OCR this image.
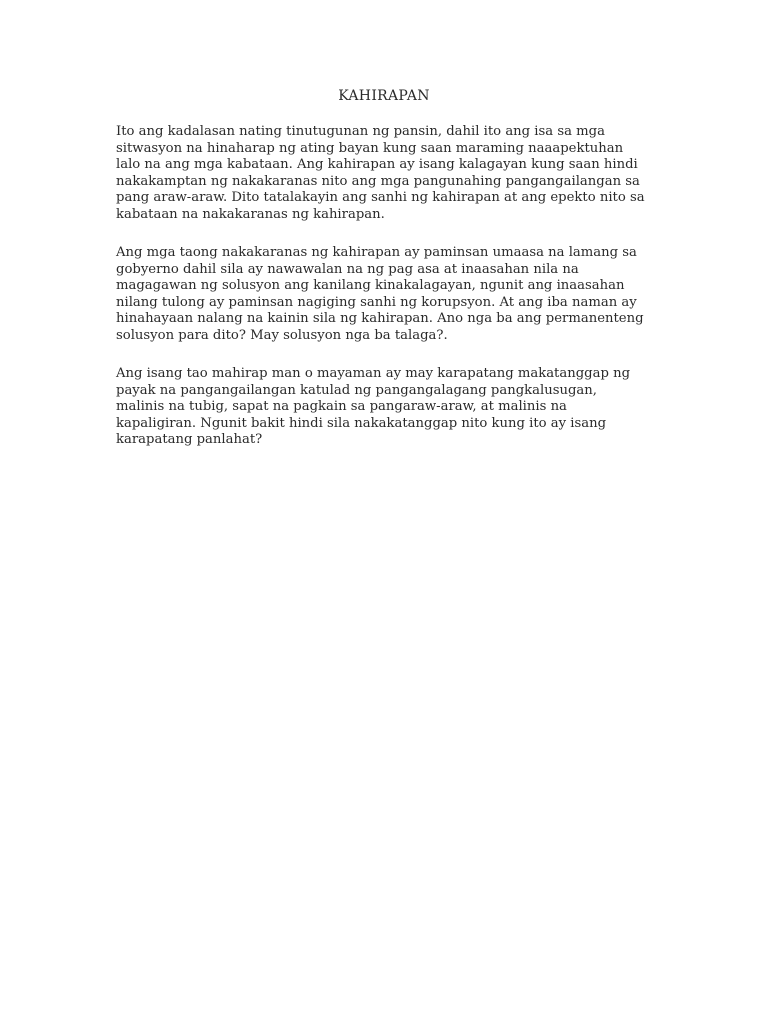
KAHIRAPAN

Ito ang kadalasan nating tinutugunan ng pansin, dahil ito ang isa sa mga
sitwasyon na hinaharap ng ating bayan kung saan maraming naaapektuhan
lalo na ang mga kabataan. Ang kahirapan ay isang kalagayan kung saan hindi
nakakamptan ng nakakaranas nito ang mga pangunahing pangangailangan sa
pang araw-araw. Dito tatalakayin ang sanhi ng kahirapan at ang epekto nito sa
kabataan na nakakaranas ng kahirapan.

Ang mga taong nakakaranas ng kahirapan ay paminsan umaasa na lamang sa
gobyerno dahil sila ay nawawalan na ng pag asa at inaasahan nila na
magagawan ng solusyon ang kanilang kinakalagayan, ngunit ang inaasahan
nilang tulong ay paminsan nagiging sanhi ng korupsyon. At ang iba naman ay
hinahayaan nalang na kainin sila ng kahirapan. Ano nga ba ang permanenteng
solusyon para dito? May solusyon nga ba talaga?.

Ang isang tao mahirap man o mayaman ay may karapatang makatanggap ng
payak na pangangailangan katulad ng pangangalagang pangkalusugan,
malinis na tubig, sapat na pagkain sa pangaraw-araw, at malinis na
kapaligiran. Ngunit bakit hindi sila nakakatanggap nito kung ito ay isang
karapatang panlahat?
